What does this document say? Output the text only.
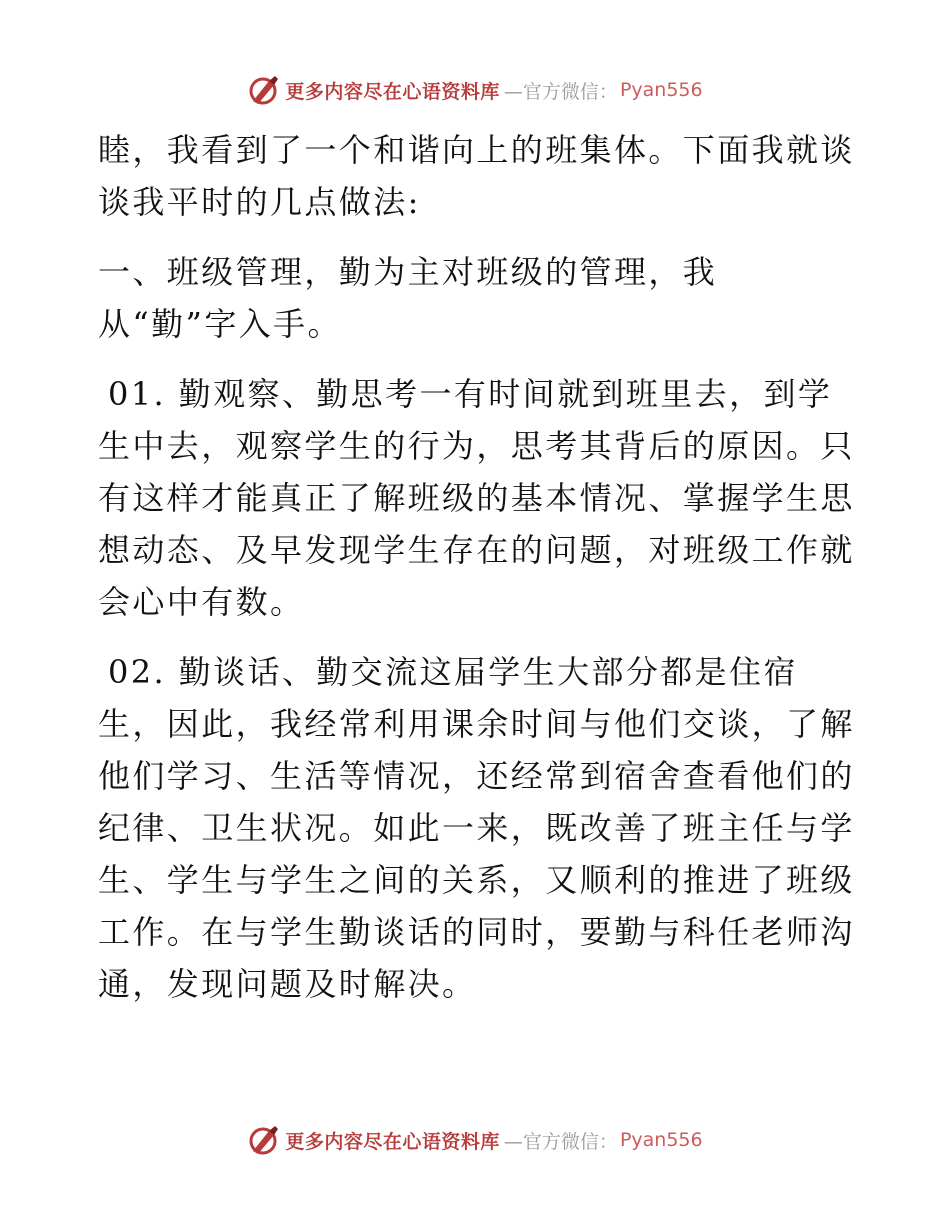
更多内容尽在心语资料库 —官方微信： Pyan556
睦，我看到了一个和谐向上的班集体。下面我就谈
谈我平时的几点做法:
一、班级管理，勤为主对班级的管理，我
从“勤”字入手。
01. 勤观察、勤思考一有时间就到班里去，到学
生中去，观察学生的行为，思考其背后的原因。只
有这样才能真正了解班级的基本情况、掌握学生思
想动态、及早发现学生存在的问题，对班级工作就
会心中有数。
02. 勤谈话、勤交流这届学生大部分都是住宿
生，因此，我经常利用课余时间与他们交谈，了解
他们学习、生活等情况，还经常到宿舍查看他们的
纪律、卫生状况。如此一来，既改善了班主任与学
生、学生与学生之间的关系，又顺利的推进了班级
工作。在与学生勤谈话的同时，要勤与科任老师沟
通，发现问题及时解决。
更多内容尽在心语资料库 —官方微信： Pyan556
